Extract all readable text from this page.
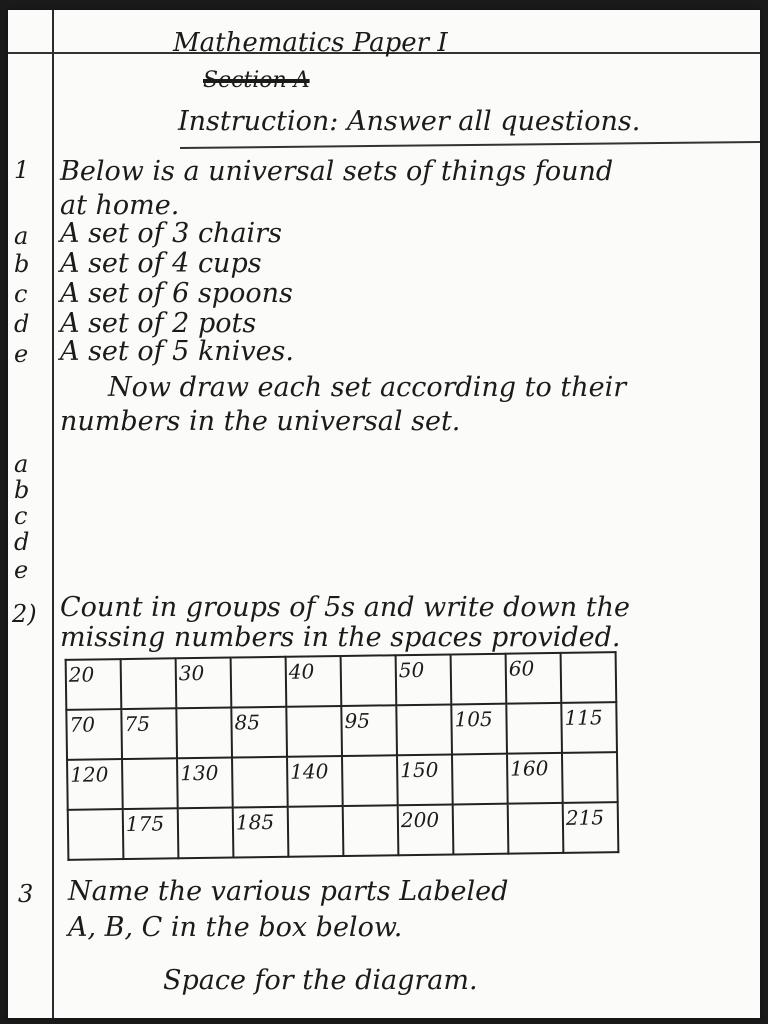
Mathematics Paper I
Section A
Instruction: Answer all questions.
1 Below is a universal sets of things found
at home.
a A set of 3 chairs
b A set of 4 cups
c A set of 6 spoons
d A set of 2 pots
e A set of 5 knives.
Now draw each set according to their
numbers in the universal set.
a
b
c
d
e
2) Count in groups of 5s and write down the
missing numbers in the spaces provided.
20		30		40		50		60	
70	75		85		95		105		115
120		130		140		150		160	
	175		185			200			215
3 Name the various parts Labeled
A, B, C in the box below.
Space for the diagram.
